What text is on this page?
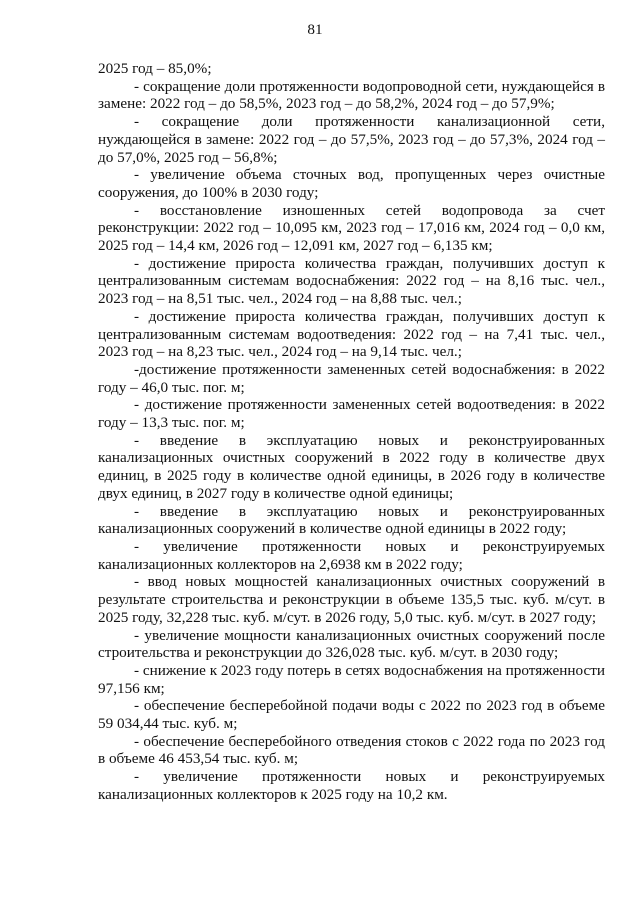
81

2025 год – 85,0%;

- сокращение доли протяженности водопроводной сети, нуждающейся в замене: 2022 год – до 58,5%, 2023 год – до 58,2%, 2024 год – до 57,9%;

- сокращение доли протяженности канализационной сети, нуждающейся в замене: 2022 год – до 57,5%, 2023 год – до 57,3%, 2024 год – до 57,0%, 2025 год – 56,8%;

- увеличение объема сточных вод, пропущенных через очистные сооружения, до 100% в 2030 году;

- восстановление изношенных сетей водопровода за счет реконструкции: 2022 год – 10,095 км, 2023 год – 17,016 км, 2024 год – 0,0 км, 2025 год – 14,4 км, 2026 год – 12,091 км, 2027 год – 6,135 км;

- достижение прироста количества граждан, получивших доступ к централизованным системам водоснабжения: 2022 год – на 8,16 тыс. чел., 2023 год – на 8,51 тыс. чел., 2024 год – на 8,88 тыс. чел.;

- достижение прироста количества граждан, получивших доступ к централизованным системам водоотведения: 2022 год – на 7,41 тыс. чел., 2023 год – на 8,23 тыс. чел., 2024 год – на 9,14 тыс. чел.;

-достижение протяженности замененных сетей водоснабжения: в 2022 году – 46,0 тыс. пог. м;

- достижение протяженности замененных сетей водоотведения: в 2022 году – 13,3 тыс. пог. м;

- введение в эксплуатацию новых и реконструированных канализационных очистных сооружений в 2022 году в количестве двух единиц, в 2025 году в количестве одной единицы, в 2026 году в количестве двух единиц, в 2027 году в количестве одной единицы;

- введение в эксплуатацию новых и реконструированных канализационных сооружений в количестве одной единицы в 2022 году;

- увеличение протяженности новых и реконструируемых канализационных коллекторов на 2,6938 км в 2022 году;

- ввод новых мощностей канализационных очистных сооружений в результате строительства и реконструкции в объеме 135,5 тыс. куб. м/сут. в 2025 году, 32,228 тыс. куб. м/сут. в 2026 году, 5,0 тыс. куб. м/сут. в 2027 году;

- увеличение мощности канализационных очистных сооружений после строительства и реконструкции до 326,028 тыс. куб. м/сут. в 2030 году;

- снижение к 2023 году потерь в сетях водоснабжения на протяженности 97,156 км;

- обеспечение бесперебойной подачи воды с 2022 по 2023 год в объеме 59 034,44 тыс. куб. м;

- обеспечение бесперебойного отведения стоков с 2022 года по 2023 год в объеме 46 453,54 тыс. куб. м;

- увеличение протяженности новых и реконструируемых канализационных коллекторов к 2025 году на 10,2 км.
